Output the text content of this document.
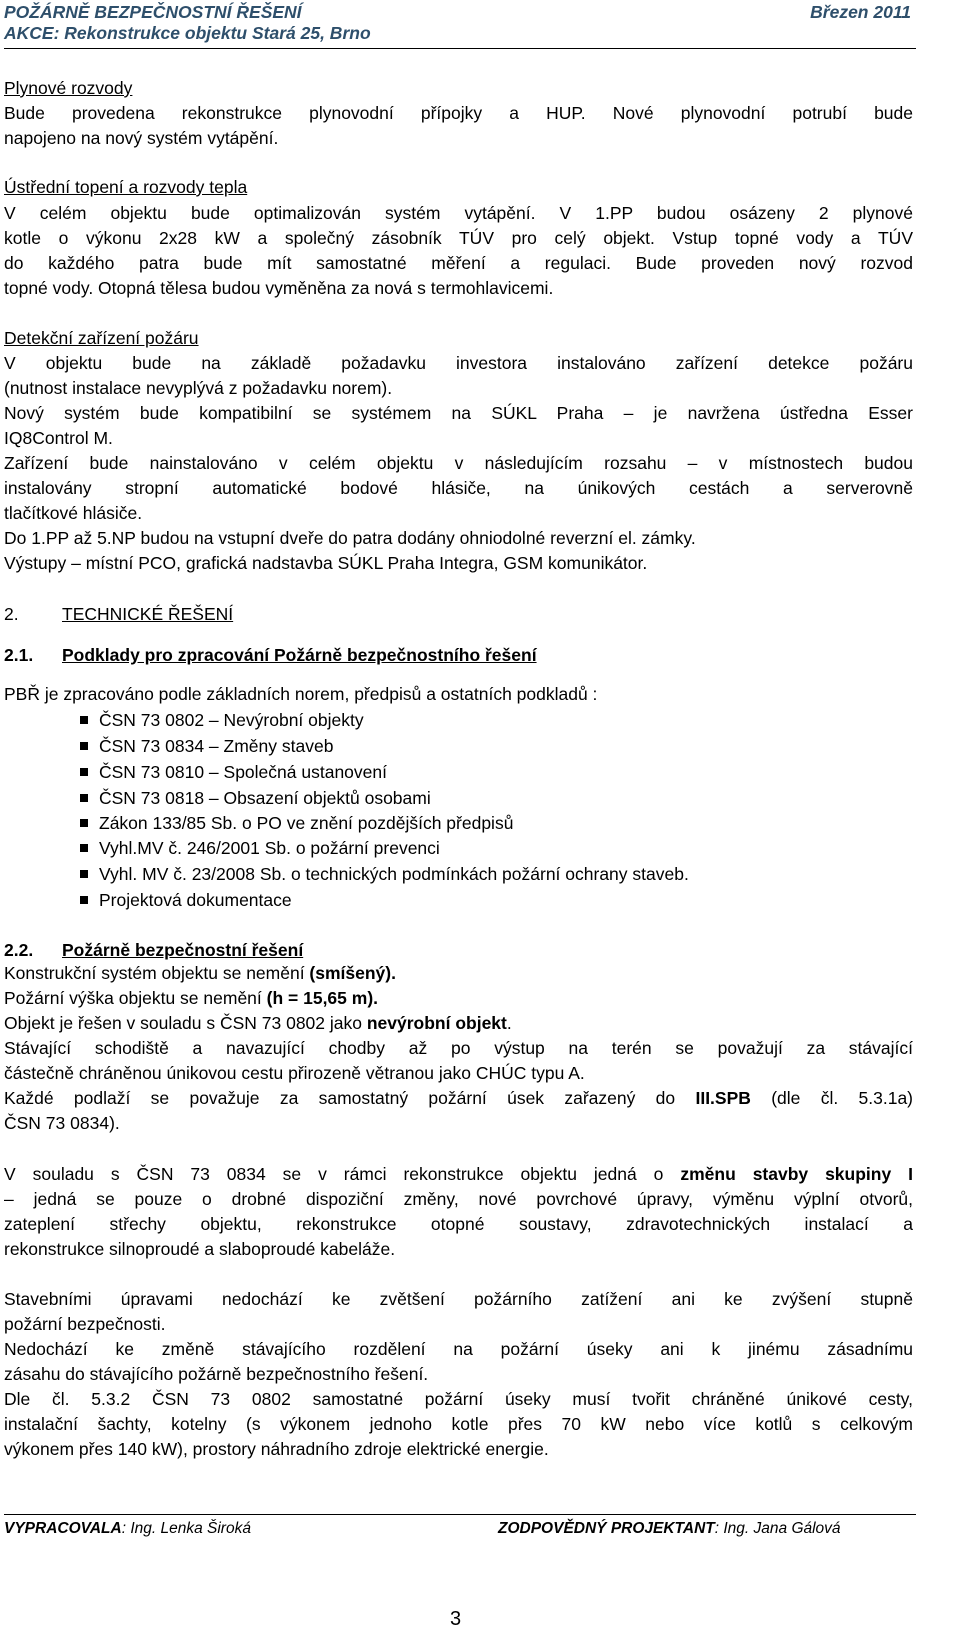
POŽÁRNĚ BEZPEČNOSTNÍ ŘEŠENÍ	Březen 2011
AKCE: Rekonstrukce objektu Stará 25, Brno
Plynové rozvody
Bude provedena rekonstrukce plynovodní přípojky a HUP. Nové plynovodní potrubí bude
napojeno na nový systém vytápění.
Ústřední topení a rozvody tepla
V celém objektu bude optimalizován systém vytápění. V 1.PP budou osázeny 2 plynové
kotle o výkonu 2x28 kW a společný zásobník TÚV pro celý objekt. Vstup topné vody a TÚV
do každého patra bude mít samostatné měření a regulaci. Bude proveden nový rozvod
topné vody. Otopná tělesa budou vyměněna za nová s termohlavicemi.
Detekční zařízení požáru
V objektu bude na základě požadavku investora instalováno zařízení detekce požáru
(nutnost instalace nevyplývá z požadavku norem).
Nový systém bude kompatibilní se systémem na SÚKL Praha – je navržena ústředna Esser
IQ8Control M.
Zařízení bude nainstalováno v celém objektu v následujícím rozsahu – v místnostech budou
instalovány stropní automatické bodové hlásiče, na únikových cestách a serverovně
tlačítkové hlásiče.
Do 1.PP až 5.NP budou na vstupní dveře do patra dodány ohniodolné reverzní el. zámky.
Výstupy – místní PCO, grafická nadstavba SÚKL Praha Integra, GSM komunikátor.
2. TECHNICKÉ ŘEŠENÍ
2.1. Podklady pro zpracování Požárně bezpečnostního řešení
PBŘ je zpracováno podle základních norem, předpisů a ostatních podkladů :
ČSN 73 0802 – Nevýrobní objekty
ČSN 73 0834 – Změny staveb
ČSN 73 0810 – Společná ustanovení
ČSN 73 0818 – Obsazení objektů osobami
Zákon 133/85 Sb. o PO ve znění pozdějších předpisů
Vyhl.MV č. 246/2001 Sb. o požární prevenci
Vyhl. MV č. 23/2008 Sb. o technických podmínkách požární ochrany staveb.
Projektová dokumentace
2.2. Požárně bezpečnostní řešení
Konstrukční systém objektu se nemění (smíšený).
Požární výška objektu se nemění (h = 15,65 m).
Objekt je řešen v souladu s ČSN 73 0802 jako nevýrobní objekt.
Stávající schodiště a navazující chodby až po výstup na terén se považují za stávající
částečně chráněnou únikovou cestu přirozeně větranou jako CHÚC typu A.
Každé podlaží se považuje za samostatný požární úsek zařazený do III.SPB (dle čl. 5.3.1a)
ČSN 73 0834).
V souladu s ČSN 73 0834 se v rámci rekonstrukce objektu jedná o změnu stavby skupiny I
– jedná se pouze o drobné dispoziční změny, nové povrchové úpravy, výměnu výplní otvorů,
zateplení střechy objektu, rekonstrukce otopné soustavy, zdravotechnických instalací a
rekonstrukce silnoproudé a slaboproudé kabeláže.
Stavebními úpravami nedochází ke zvětšení požárního zatížení ani ke zvýšení stupně
požární bezpečnosti.
Nedochází ke změně stávajícího rozdělení na požární úseky ani k jinému zásadnímu
zásahu do stávajícího požárně bezpečnostního řešení.
Dle čl. 5.3.2 ČSN 73 0802 samostatné požární úseky musí tvořit chráněné únikové cesty,
instalační šachty, kotelny (s výkonem jednoho kotle přes 70 kW nebo více kotlů s celkovým
výkonem přes 140 kW), prostory náhradního zdroje elektrické energie.
VYPRACOVALA: Ing. Lenka Široká	ZODPOVĚDNÝ PROJEKTANT: Ing. Jana Gálová
3
